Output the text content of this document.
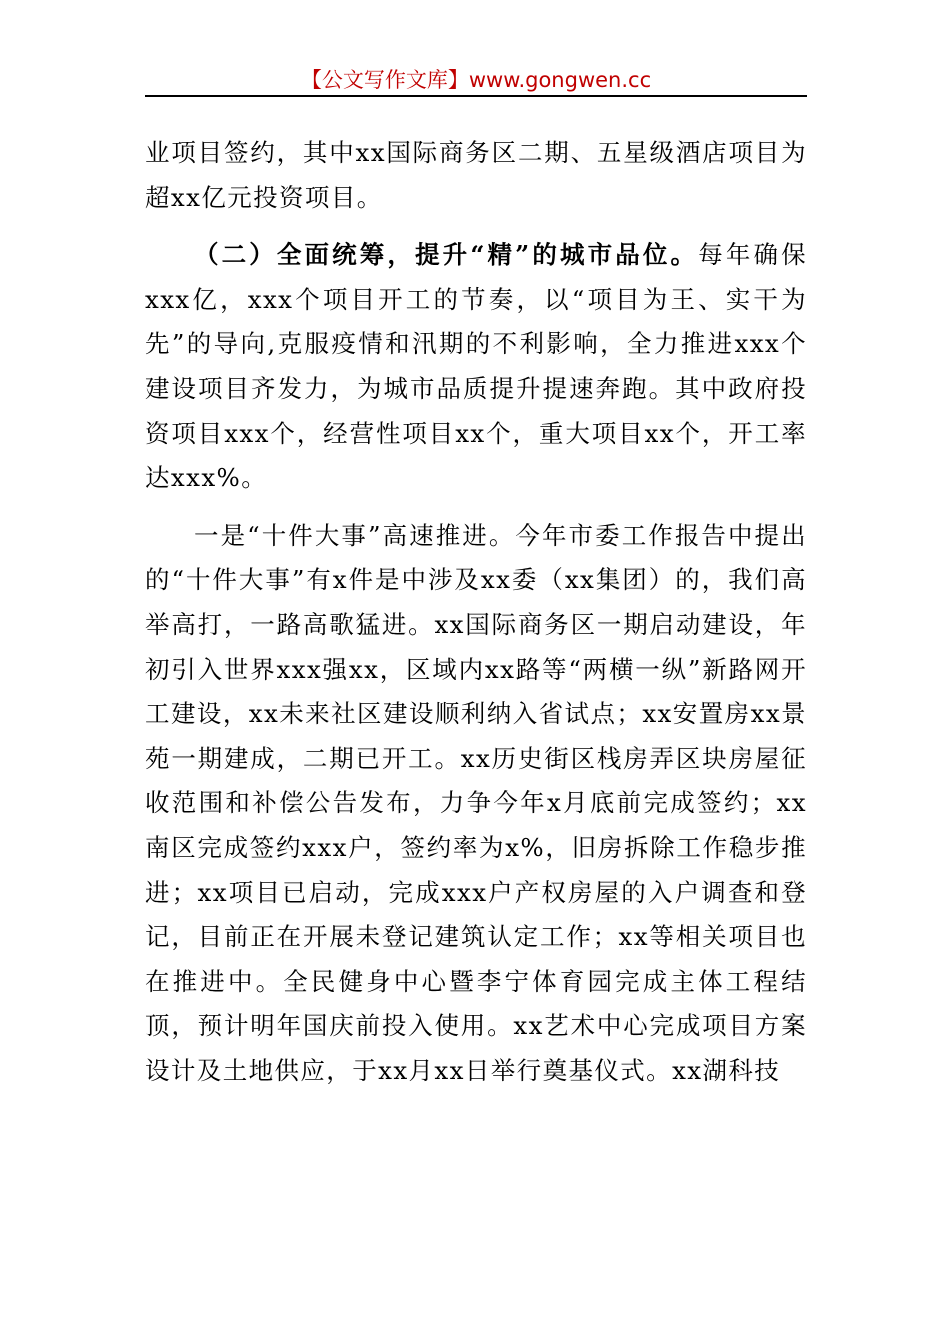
【公文写作文库】www.gongwen.cc

业项目签约，其中xx国际商务区二期、五星级酒店项目为超xx亿元投资项目。

（二）全面统筹，提升“精”的城市品位。每年确保xxx亿，xxx个项目开工的节奏，以“项目为王、实干为先”的导向,克服疫情和汛期的不利影响，全力推进xxx个建设项目齐发力，为城市品质提升提速奔跑。其中政府投资项目xxx个，经营性项目xx个，重大项目xx个，开工率达xxx%。

一是“十件大事”高速推进。今年市委工作报告中提出的“十件大事”有x件是中涉及xx委（xx集团）的，我们高举高打，一路高歌猛进。xx国际商务区一期启动建设，年初引入世界xxx强xx，区域内xx路等“两横一纵”新路网开工建设，xx未来社区建设顺利纳入省试点；xx安置房xx景苑一期建成，二期已开工。xx历史街区栈房弄区块房屋征收范围和补偿公告发布，力争今年x月底前完成签约；xx南区完成签约xxx户，签约率为x%，旧房拆除工作稳步推进；xx项目已启动，完成xxx户产权房屋的入户调查和登记，目前正在开展未登记建筑认定工作；xx等相关项目也在推进中。全民健身中心暨李宁体育园完成主体工程结顶，预计明年国庆前投入使用。xx艺术中心完成项目方案设计及土地供应，于xx月xx日举行奠基仪式。xx湖科技
